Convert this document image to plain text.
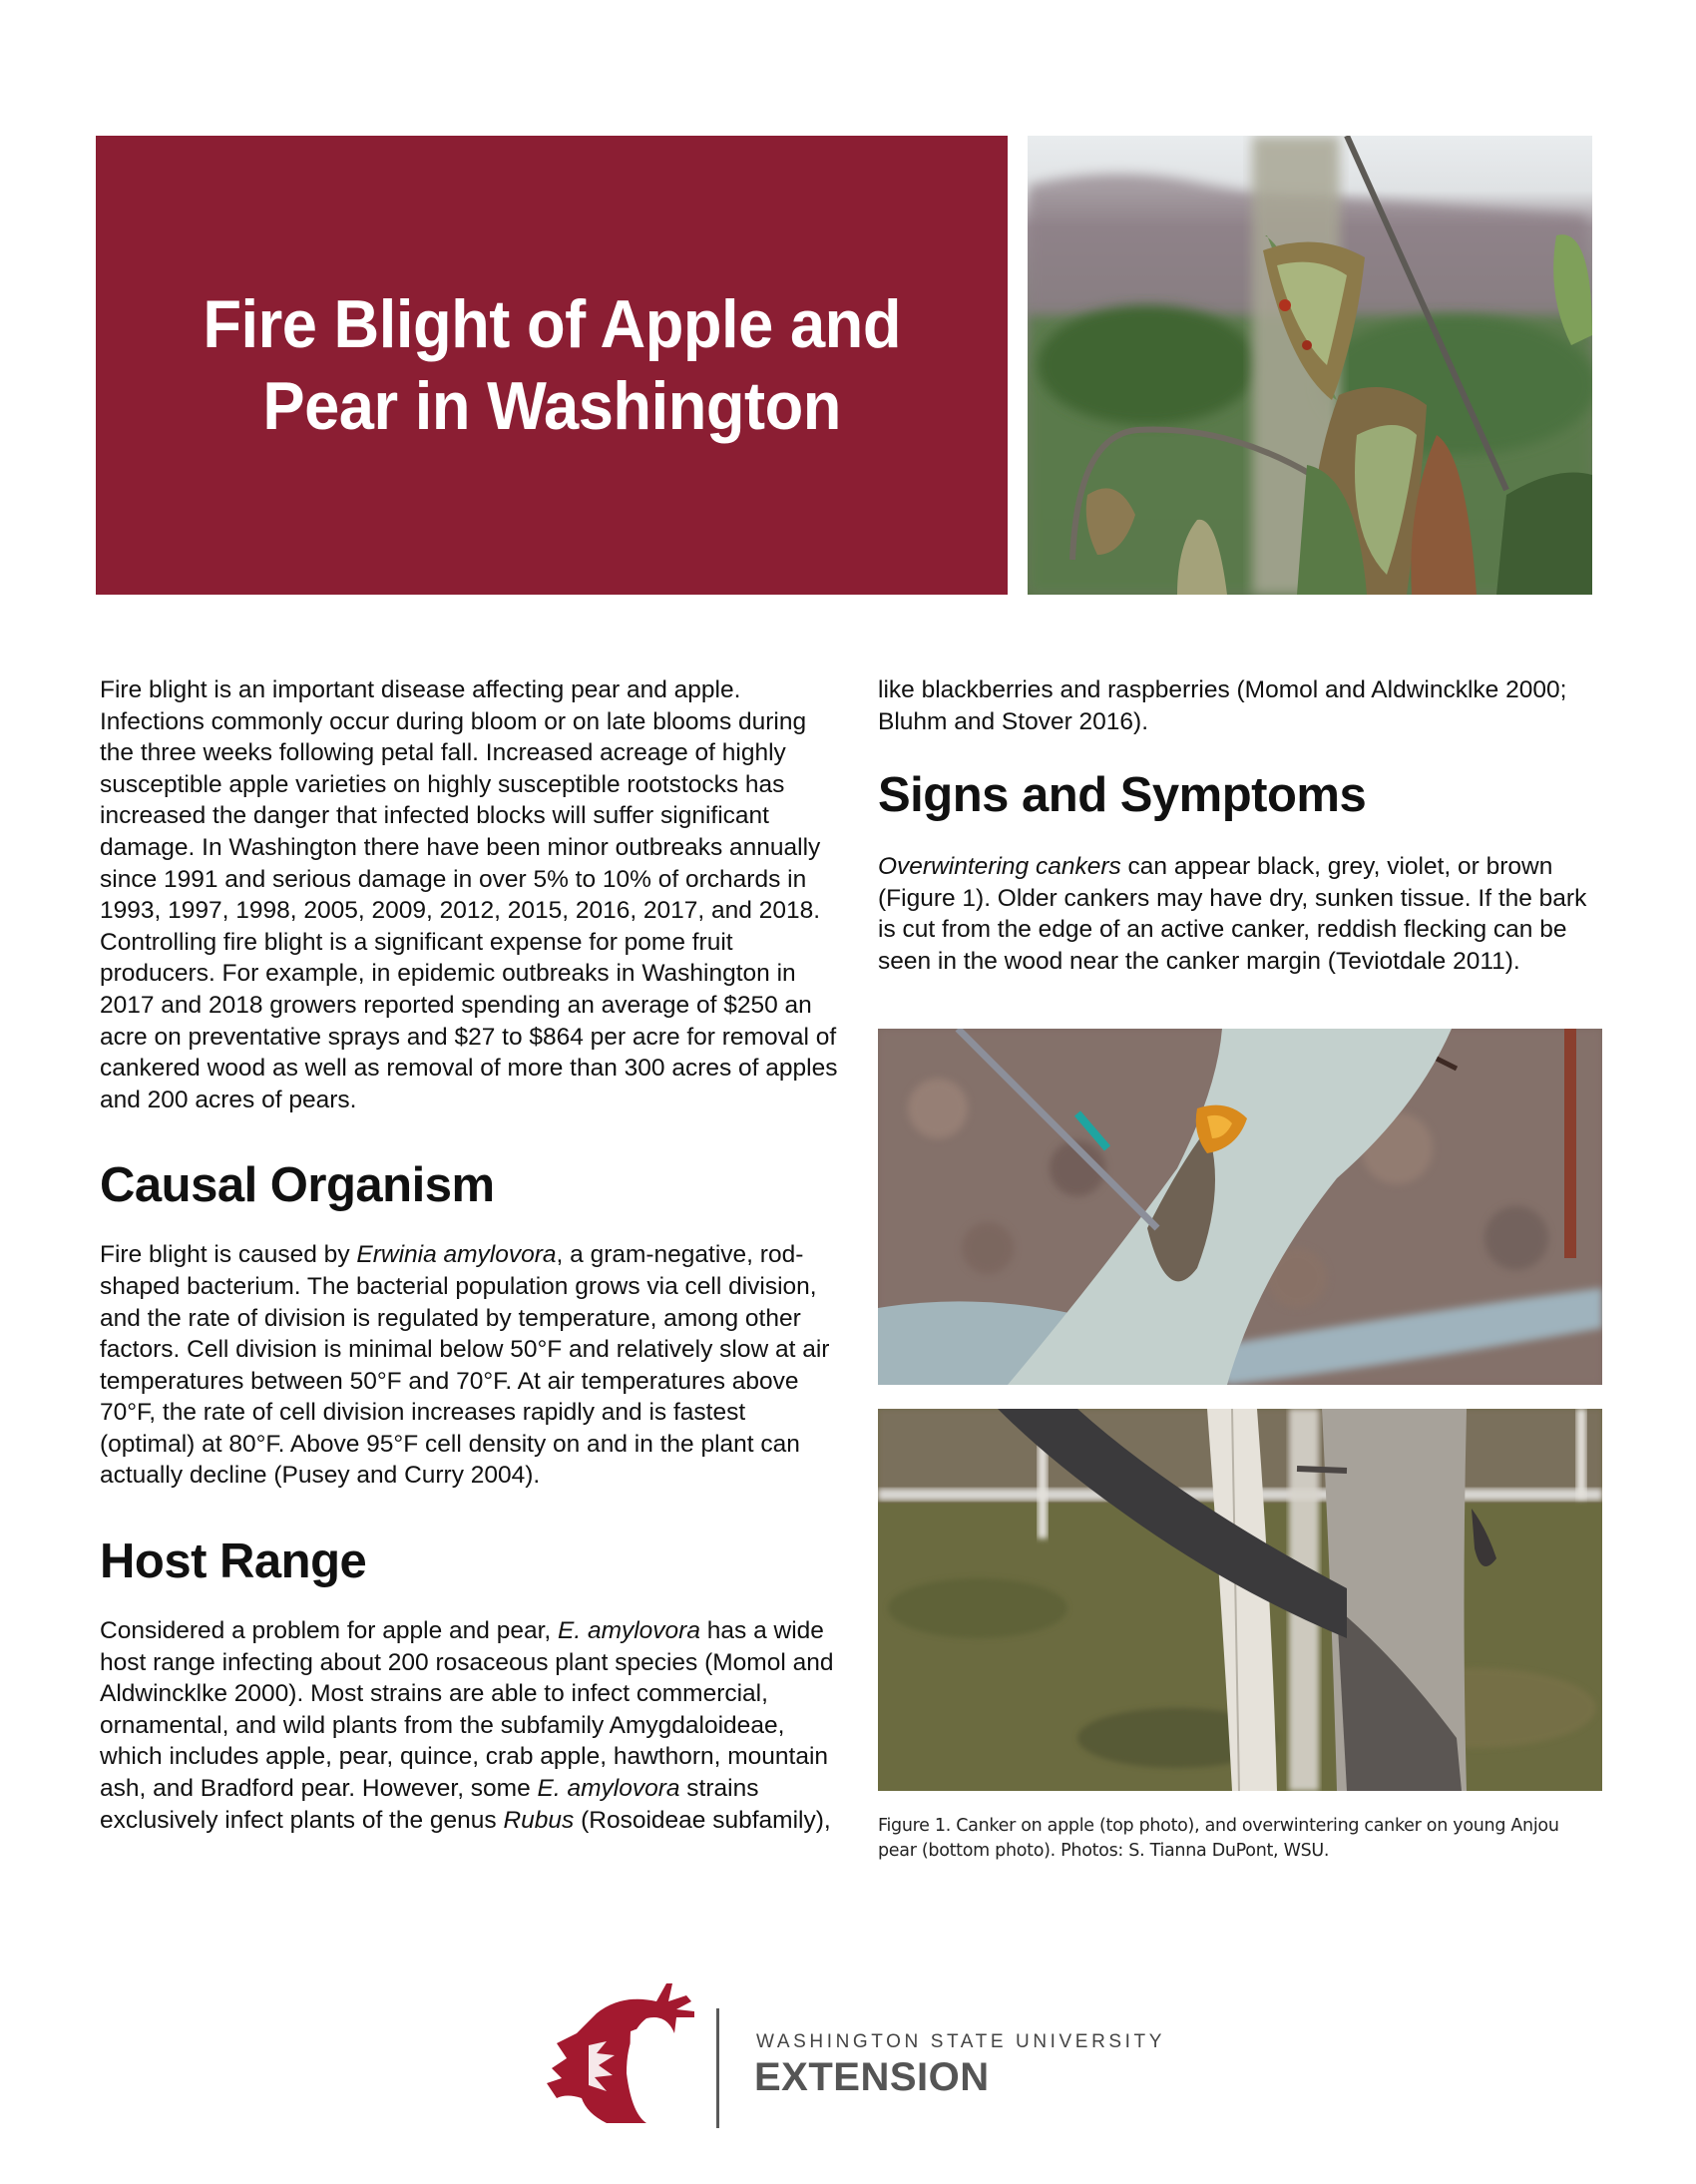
Fire Blight of Apple and
Pear in Washington

Fire blight is an important disease affecting pear and apple. Infections commonly occur during bloom or on late blooms during the three weeks following petal fall. Increased acreage of highly susceptible apple varieties on highly susceptible rootstocks has increased the danger that infected blocks will suffer significant damage. In Washington there have been minor outbreaks annually since 1991 and serious damage in over 5% to 10% of orchards in 1993, 1997, 1998, 2005, 2009, 2012, 2015, 2016, 2017, and 2018. Controlling fire blight is a significant expense for pome fruit producers. For example, in epidemic outbreaks in Washington in 2017 and 2018 growers reported spending an average of $250 an acre on preventative sprays and $27 to $864 per acre for removal of cankered wood as well as removal of more than 300 acres of apples and 200 acres of pears.

Causal Organism

Fire blight is caused by Erwinia amylovora, a gram-negative, rod-shaped bacterium. The bacterial population grows via cell division, and the rate of division is regulated by temperature, among other factors. Cell division is minimal below 50°F and relatively slow at air temperatures between 50°F and 70°F. At air temperatures above 70°F, the rate of cell division increases rapidly and is fastest (optimal) at 80°F. Above 95°F cell density on and in the plant can actually decline (Pusey and Curry 2004).

Host Range

Considered a problem for apple and pear, E. amylovora has a wide host range infecting about 200 rosaceous plant species (Momol and Aldwincklke 2000). Most strains are able to infect commercial, ornamental, and wild plants from the subfamily Amygdaloideae, which includes apple, pear, quince, crab apple, hawthorn, mountain ash, and Bradford pear. However, some E. amylovora strains exclusively infect plants of the genus Rubus (Rosoideae subfamily),

like blackberries and raspberries (Momol and Aldwincklke 2000; Bluhm and Stover 2016).

Signs and Symptoms

Overwintering cankers can appear black, grey, violet, or brown (Figure 1). Older cankers may have dry, sunken tissue. If the bark is cut from the edge of an active canker, reddish flecking can be seen in the wood near the canker margin (Teviotdale 2011).

Figure 1. Canker on apple (top photo), and overwintering canker on young Anjou pear (bottom photo). Photos: S. Tianna DuPont, WSU.
WASHINGTON STATE UNIVERSITY
EXTENSION
